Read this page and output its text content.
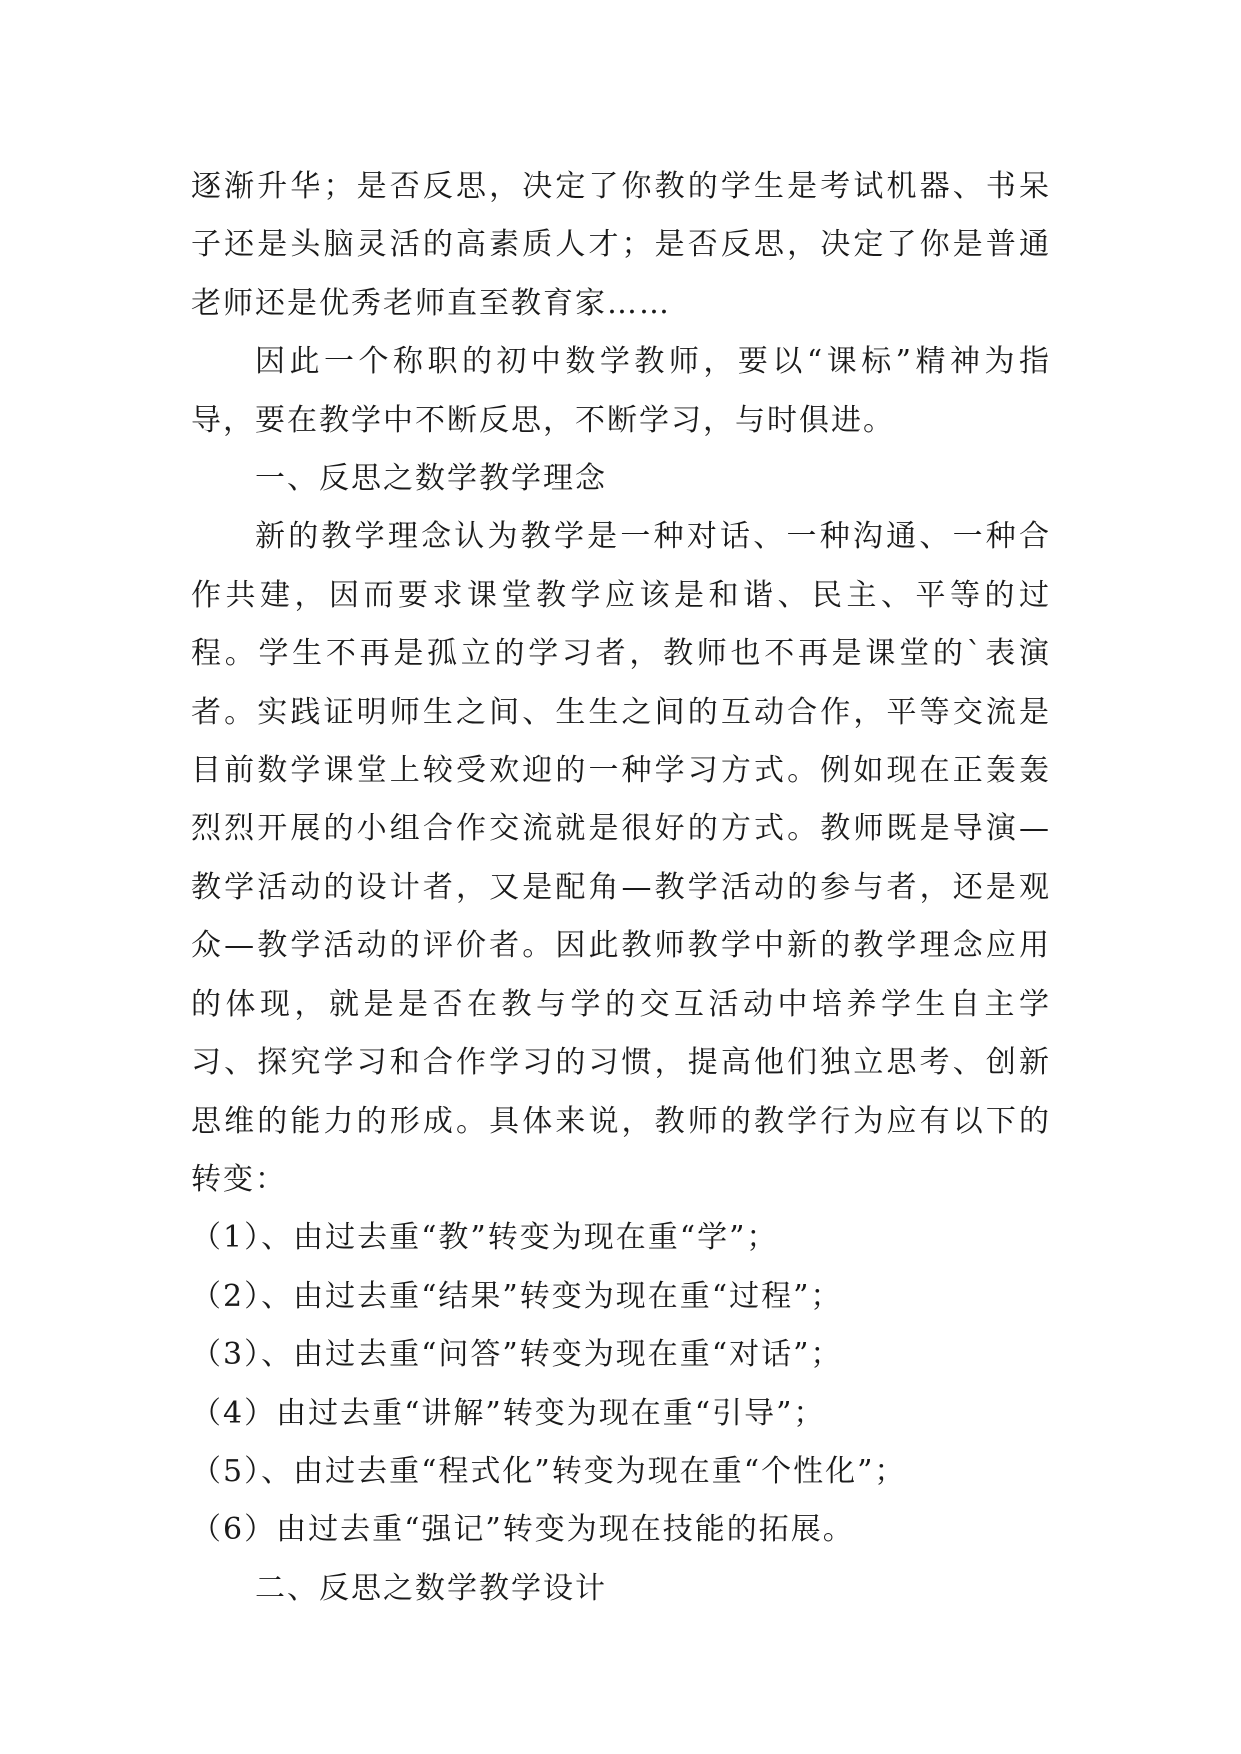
逐渐升华；是否反思，决定了你教的学生是考试机器、书呆子还是头脑灵活的高素质人才；是否反思，决定了你是普通老师还是优秀老师直至教育家……

因此一个称职的初中数学教师，要以“课标”精神为指导，要在教学中不断反思，不断学习，与时俱进。

一、反思之数学教学理念

新的教学理念认为教学是一种对话、一种沟通、一种合作共建，因而要求课堂教学应该是和谐、民主、平等的过程。学生不再是孤立的学习者，教师也不再是课堂的`表演者。实践证明师生之间、生生之间的互动合作，平等交流是目前数学课堂上较受欢迎的一种学习方式。例如现在正轰轰烈烈开展的小组合作交流就是很好的方式。教师既是导演—教学活动的设计者，又是配角—教学活动的参与者，还是观众—教学活动的评价者。因此教师教学中新的教学理念应用的体现，就是是否在教与学的交互活动中培养学生自主学习、探究学习和合作学习的习惯，提高他们独立思考、创新思维的能力的形成。具体来说，教师的教学行为应有以下的转变：

（1）、由过去重“教”转变为现在重“学”；

（2）、由过去重“结果”转变为现在重“过程”；

（3）、由过去重“问答”转变为现在重“对话”；

（4）由过去重“讲解”转变为现在重“引导”；

（5）、由过去重“程式化”转变为现在重“个性化”；

（6）由过去重“强记”转变为现在技能的拓展。

二、反思之数学教学设计
